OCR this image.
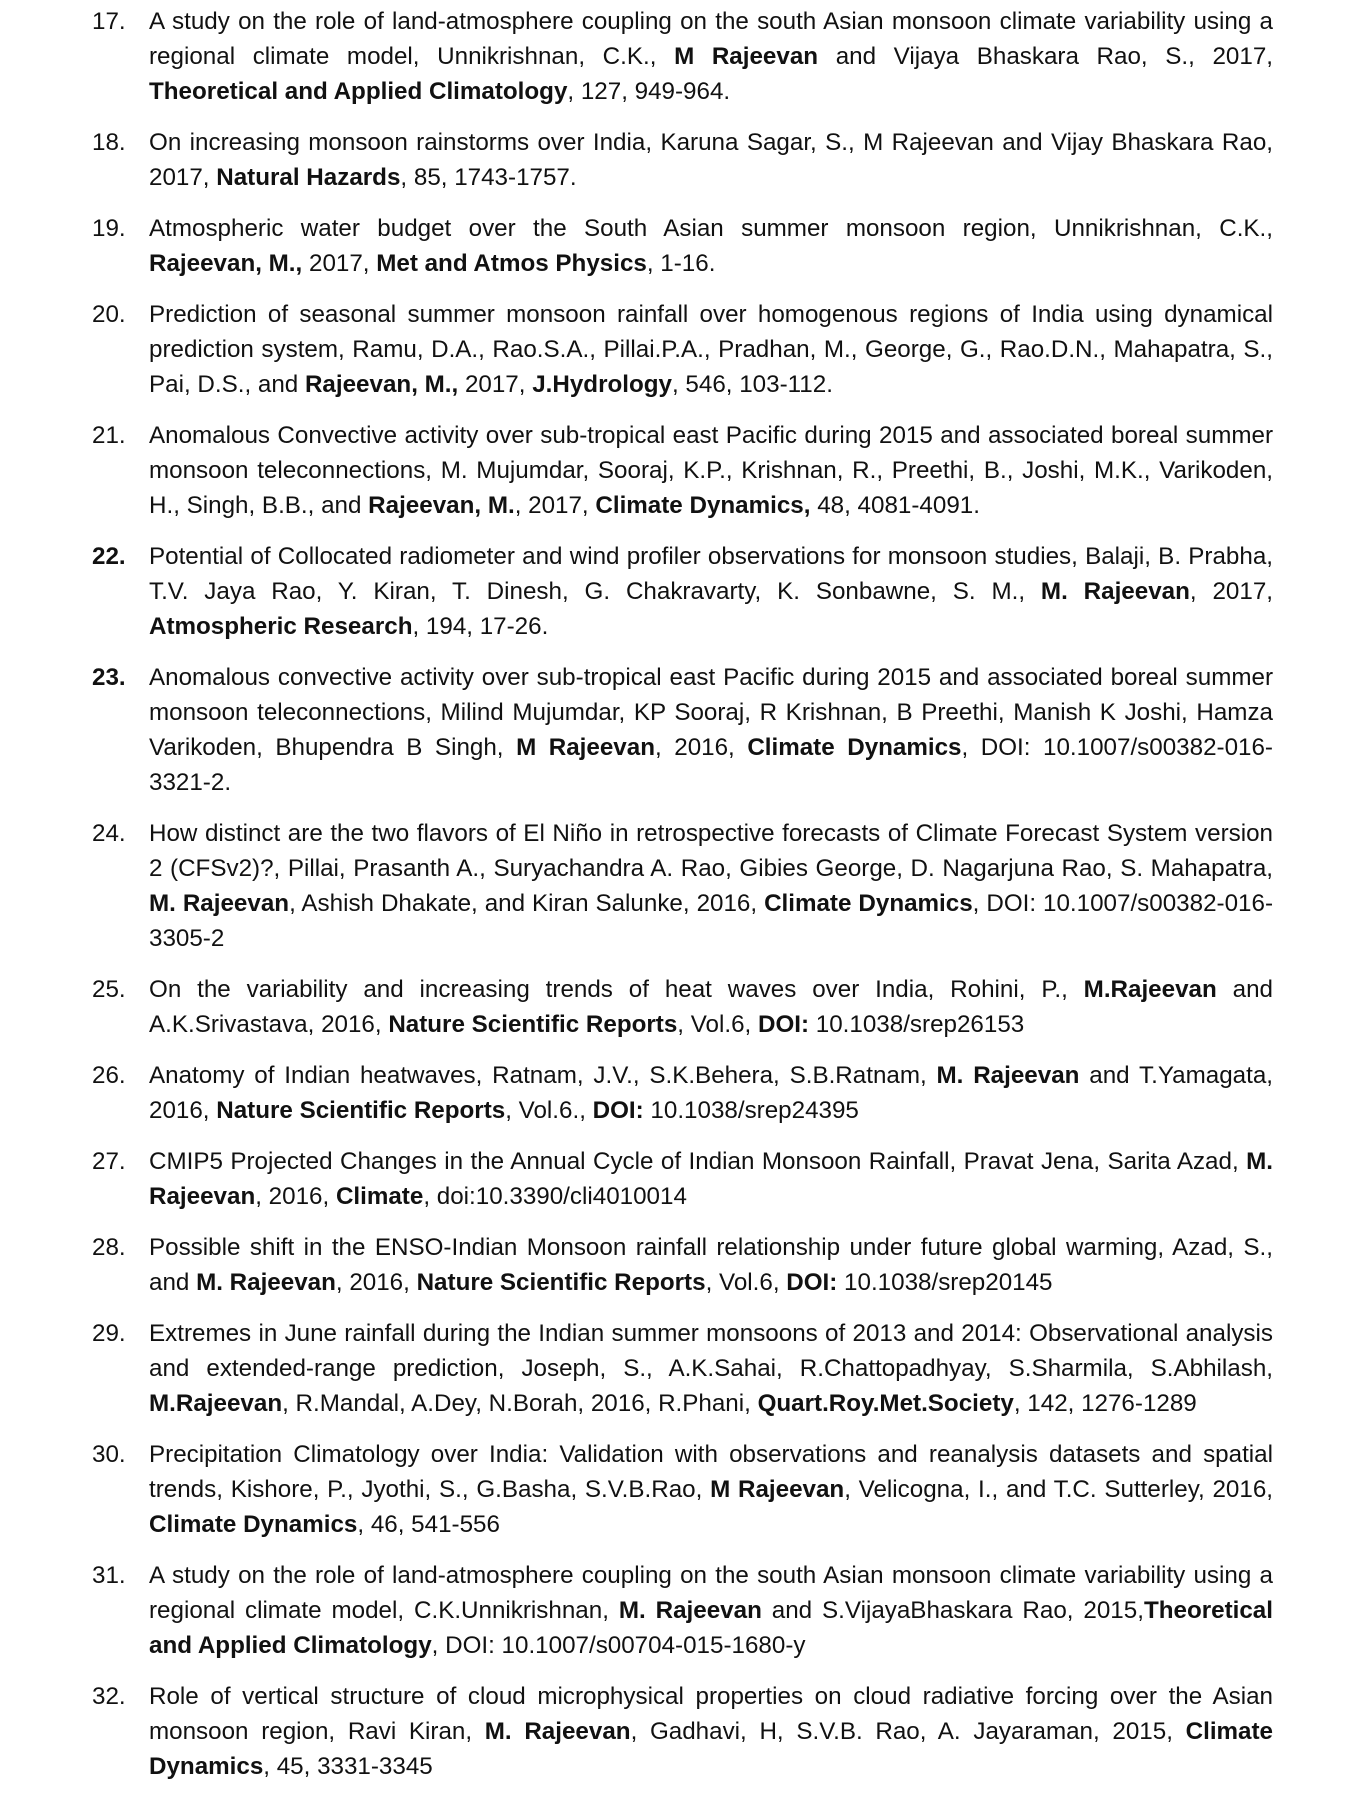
17. A study on the role of land-atmosphere coupling on the south Asian monsoon climate variability using a regional climate model, Unnikrishnan, C.K., M Rajeevan and Vijaya Bhaskara Rao, S., 2017, Theoretical and Applied Climatology, 127, 949-964.
18. On increasing monsoon rainstorms over India, Karuna Sagar, S., M Rajeevan and Vijay Bhaskara Rao, 2017, Natural Hazards, 85, 1743-1757.
19. Atmospheric water budget over the South Asian summer monsoon region, Unnikrishnan, C.K., Rajeevan, M., 2017, Met and Atmos Physics, 1-16.
20. Prediction of seasonal summer monsoon rainfall over homogenous regions of India using dynamical prediction system, Ramu, D.A., Rao.S.A., Pillai.P.A., Pradhan, M., George, G., Rao.D.N., Mahapatra, S., Pai, D.S., and Rajeevan, M., 2017, J.Hydrology, 546, 103-112.
21. Anomalous Convective activity over sub-tropical east Pacific during 2015 and associated boreal summer monsoon teleconnections, M. Mujumdar, Sooraj, K.P., Krishnan, R., Preethi, B., Joshi, M.K., Varikoden, H., Singh, B.B., and Rajeevan, M., 2017, Climate Dynamics, 48, 4081-4091.
22. Potential of Collocated radiometer and wind profiler observations for monsoon studies, Balaji, B. Prabha, T.V. Jaya Rao, Y. Kiran, T. Dinesh, G. Chakravarty, K. Sonbawne, S. M., M. Rajeevan, 2017, Atmospheric Research, 194, 17-26.
23. Anomalous convective activity over sub-tropical east Pacific during 2015 and associated boreal summer monsoon teleconnections, Milind Mujumdar, KP Sooraj, R Krishnan, B Preethi, Manish K Joshi, Hamza Varikoden, Bhupendra B Singh, M Rajeevan, 2016, Climate Dynamics, DOI: 10.1007/s00382-016-3321-2.
24. How distinct are the two flavors of El Niño in retrospective forecasts of Climate Forecast System version 2 (CFSv2)?, Pillai, Prasanth A., Suryachandra A. Rao, Gibies George, D. Nagarjuna Rao, S. Mahapatra, M. Rajeevan, Ashish Dhakate, and Kiran Salunke, 2016, Climate Dynamics, DOI: 10.1007/s00382-016-3305-2
25. On the variability and increasing trends of heat waves over India, Rohini, P., M.Rajeevan and A.K.Srivastava, 2016, Nature Scientific Reports, Vol.6, DOI: 10.1038/srep26153
26. Anatomy of Indian heatwaves, Ratnam, J.V., S.K.Behera, S.B.Ratnam, M. Rajeevan and T.Yamagata, 2016, Nature Scientific Reports, Vol.6., DOI: 10.1038/srep24395
27. CMIP5 Projected Changes in the Annual Cycle of Indian Monsoon Rainfall, Pravat Jena, Sarita Azad, M. Rajeevan, 2016, Climate, doi:10.3390/cli4010014
28. Possible shift in the ENSO-Indian Monsoon rainfall relationship under future global warming, Azad, S., and M. Rajeevan, 2016, Nature Scientific Reports, Vol.6, DOI: 10.1038/srep20145
29. Extremes in June rainfall during the Indian summer monsoons of 2013 and 2014: Observational analysis and extended-range prediction, Joseph, S., A.K.Sahai, R.Chattopadhyay, S.Sharmila, S.Abhilash, M.Rajeevan, R.Mandal, A.Dey, N.Borah, 2016, R.Phani, Quart.Roy.Met.Society, 142, 1276-1289
30. Precipitation Climatology over India: Validation with observations and reanalysis datasets and spatial trends, Kishore, P., Jyothi, S., G.Basha, S.V.B.Rao, M Rajeevan, Velicogna, I., and T.C. Sutterley, 2016, Climate Dynamics, 46, 541-556
31. A study on the role of land-atmosphere coupling on the south Asian monsoon climate variability using a regional climate model, C.K.Unnikrishnan, M. Rajeevan and S.VijayaBhaskara Rao, 2015,Theoretical and Applied Climatology, DOI: 10.1007/s00704-015-1680-y
32. Role of vertical structure of cloud microphysical properties on cloud radiative forcing over the Asian monsoon region, Ravi Kiran, M. Rajeevan, Gadhavi, H, S.V.B. Rao, A. Jayaraman, 2015, Climate Dynamics, 45, 3331-3345
